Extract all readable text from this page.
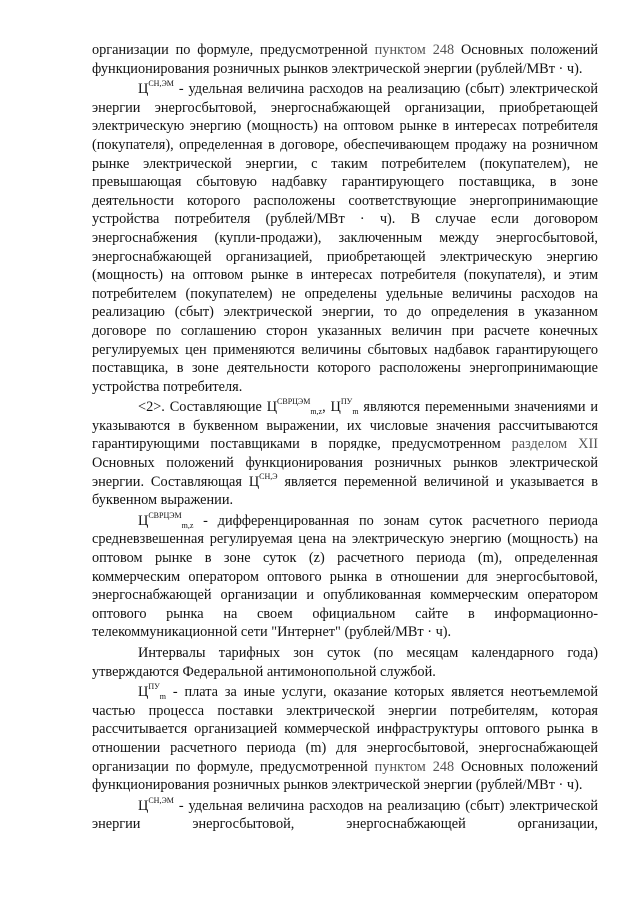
организации по формуле, предусмотренной пунктом 248 Основных положений функционирования розничных рынков электрической энергии (рублей/МВт · ч).

$Ц^{СН,ЭМ}$ - удельная величина расходов на реализацию (сбыт) электрической энергии энергосбытовой, энергоснабжающей организации, приобретающей электрическую энергию (мощность) на оптовом рынке в интересах потребителя (покупателя), определенная в договоре, обеспечивающем продажу на розничном рынке электрической энергии, с таким потребителем (покупателем), не превышающая сбытовую надбавку гарантирующего поставщика, в зоне деятельности которого расположены соответствующие энергопринимающие устройства потребителя (рублей/МВт · ч). В случае если договором энергоснабжения (купли-продажи), заключенным между энергосбытовой, энергоснабжающей организацией, приобретающей электрическую энергию (мощность) на оптовом рынке в интересах потребителя (покупателя), и этим потребителем (покупателем) не определены удельные величины расходов на реализацию (сбыт) электрической энергии, то до определения в указанном договоре по соглашению сторон указанных величин при расчете конечных регулируемых цен применяются величины сбытовых надбавок гарантирующего поставщика, в зоне деятельности которого расположены энергопринимающие устройства потребителя.

<2>. Составляющие $Ц^{СВРЦЭМ}_{m,z}$, $Ц^{ПУ}_m$ являются переменными значениями и указываются в буквенном выражении, их числовые значения рассчитываются гарантирующими поставщиками в порядке, предусмотренном разделом XII Основных положений функционирования розничных рынков электрической энергии. Составляющая $Ц^{СН,Э}$ является переменной величиной и указывается в буквенном выражении.

$Ц^{СВРЦЭМ}_{m,z}$ - дифференцированная по зонам суток расчетного периода средневзвешенная регулируемая цена на электрическую энергию (мощность) на оптовом рынке в зоне суток (z) расчетного периода (m), определенная коммерческим оператором оптового рынка в отношении для энергосбытовой, энергоснабжающей организации и опубликованная коммерческим оператором оптового рынка на своем официальном сайте в информационно-телекоммуникационной сети "Интернет" (рублей/МВт · ч).

Интервалы тарифных зон суток (по месяцам календарного года) утверждаются Федеральной антимонопольной службой.

$Ц^{ПУ}_m$ - плата за иные услуги, оказание которых является неотъемлемой частью процесса поставки электрической энергии потребителям, которая рассчитывается организацией коммерческой инфраструктуры оптового рынка в отношении расчетного периода (m) для энергосбытовой, энергоснабжающей организации по формуле, предусмотренной пунктом 248 Основных положений функционирования розничных рынков электрической энергии (рублей/МВт · ч).

$Ц^{СН,ЭМ}$ - удельная величина расходов на реализацию (сбыт) электрической энергии энергосбытовой, энергоснабжающей организации,
